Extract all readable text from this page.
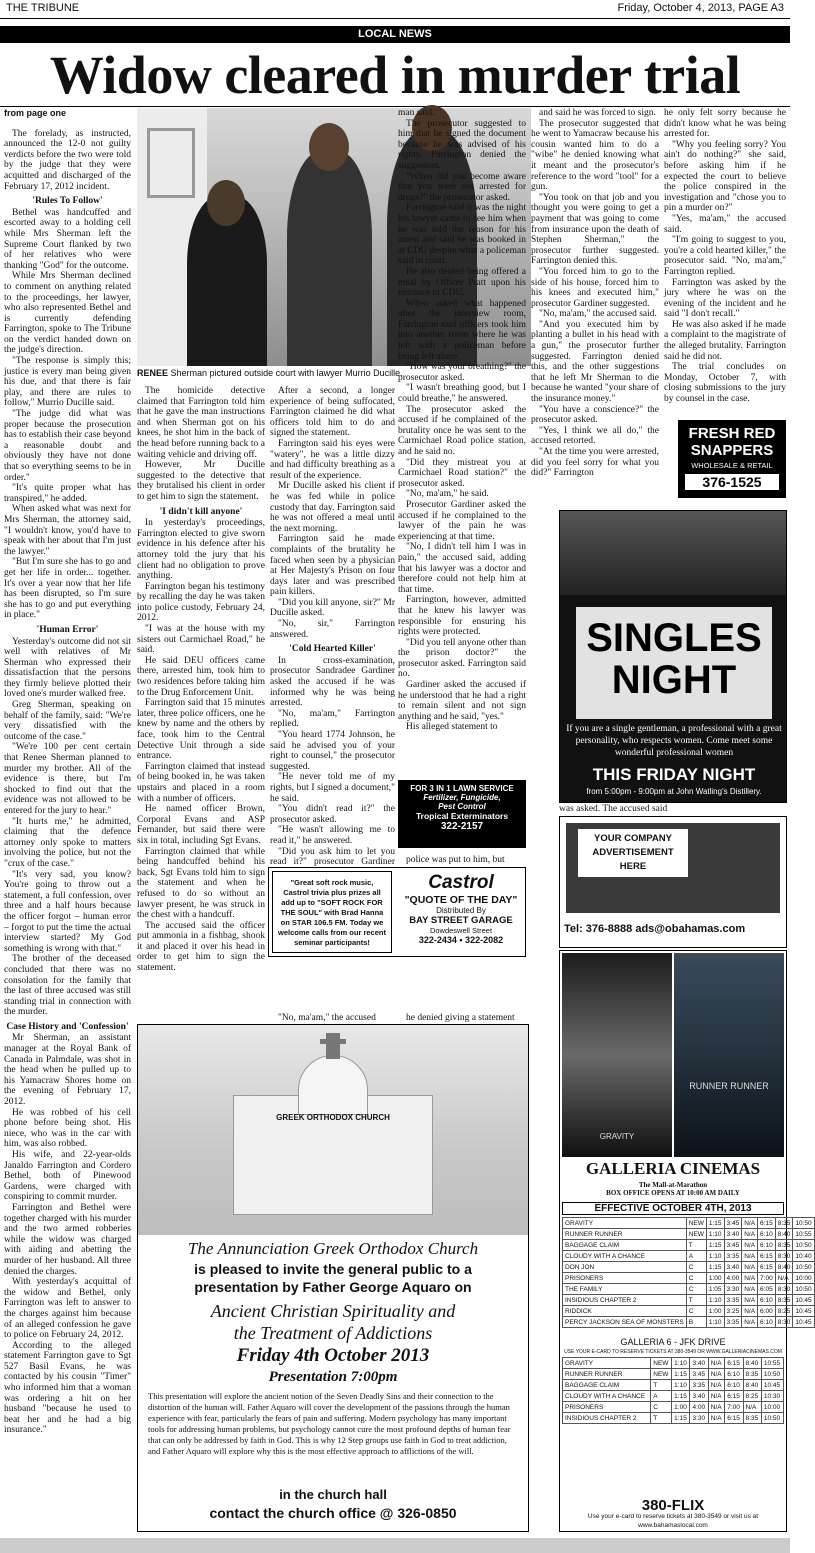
THE TRIBUNE	Friday, October 4, 2013, PAGE A3
LOCAL NEWS
Widow cleared in murder trial
from page one

The foreladу, as instructed, announced the 12-0 not guilty verdicts before the two were told by the judge that they were acquitted and discharged of the February 17, 2012 incident.

'Rules To Follow'

Bethel was handcuffed and escorted away to a holding cell while Mrs Sherman left the Supreme Court flanked by two of her relatives who were thanking "God" for the outcome.

While Mrs Sherman declined to comment on anything related to the proceedings, her lawyer, who also represented Bethel and is currently defending Farrington, spoke to The Tribune on the verdict handed down on the judge's direction.

"The response is simply this; justice is every man being given his due, and that there is fair play, and there are rules to follow," Murrio Ducille said.

"The judge did what was proper because the prosecution has to establish their case beyond a reasonable doubt and obviously they have not done that so everything seems to be in order."

"It's quite proper what has transpired," he added.

When asked what was next for Mrs Sherman, the attorney said, "I wouldn't know, you'd have to speak with her about that I'm just the lawyer."

"But I'm sure she has to go and get her life in order... together. It's over a year now that her life has been disrupted, so I'm sure she has to go and put everything in place."

'Human Error'

Yesterday's outcome did not sit well with relatives of Mr Sherman who expressed their dissatisfaction that the persons they firmly believe plotted their loved one's murder walked free.

Greg Sherman, speaking on behalf of the family, said: "We're very dissatisfied with the outcome of the case."

"We're 100 per cent certain that Renee Sherman planned to murder my brother. All of the evidence is there, but I'm shocked to find out that the evidence was not allowed to be entered for the jury to hear."

"It hurts me," he admitted, claiming that the defence attorney only spoke to matters involving the police, but not the "crux of the case."

"It's very sad, you know? You're going to throw out a statement, a full confession, over three and a half hours because the officer forgot – human error – forgot to put the time the actual interview started? My God something is wrong with that."

The brother of the deceased concluded that there was no consolation for the family that the last of three accused was still standing trial in connection with the murder.

Case History and 'Confession'

Mr Sherman, an assistant manager at the Royal Bank of Canada in Palmdale, was shot in the head when he pulled up to his Yamacraw Shores home on the evening of February 17, 2012.

He was robbed of his cell phone before being shot. His niece, who was in the car with him, was also robbed.

His wife, and 22-year-olds Janaldo Farrington and Cordero Bethel, both of Pinewood Gardens, were charged with conspiring to commit murder.

Farrington and Bethel were together charged with his murder and the two armed robberies while the widow was charged with aiding and abetting the murder of her husband. All three denied the charges.

With yesterday's acquittal of the widow and Bethel, only Farrington was left to answer to the charges against him because of an alleged confession he gave to police on February 24, 2012.

According to the alleged statement Farrington gave to Sgt 527 Basil Evans, he was contacted by his cousin "Timer" who informed him that a woman was ordering a hit on her husband "because he used to beat her and he had a big insurance."

RENEE Sherman pictured outside court with lawyer Murrio Ducille.

The homicide detective claimed that Farrington told him that he gave the man instructions and when Sherman got on his knees, he shot him in the back of the head before running back to a waiting vehicle and driving off.

However, Mr Ducille suggested to the detective that they brutalised his client in order to get him to sign the statement.

'I didn't kill anyone'

In yesterday's proceedings, Farrington elected to give sworn evidence in his defence after his attorney told the jury that his client had no obligation to prove anything.

Farrington began his testimony by recalling the day he was taken into police custody, February 24, 2012.

"I was at the house with my sisters out Carmichael Road," he said.

He said DEU officers came there, arrested him, took him to two residences before taking him to the Drug Enforcement Unit.

Farrington said that 15 minutes later, three police officers, one he knew by name and the others by face, took him to the Central Detective Unit through a side entrance.

Farrington claimed that instead of being booked in, he was taken upstairs and placed in a room with a number of officers.

He named officer Brown, Corporal Evans and ASP Fernander, but said there were six in total, including Sgt Evans.

Farrington claimed that while being handcuffed behind his back, Sgt Evans told him to sign the statement and when he refused to do so without an lawyer present, he was struck in the chest with a handcuff.

The accused said the officer put ammonia in a fishbag, shook it and placed it over his head in order to get him to sign the statement.

After a second, a longer experience of being suffocated, Farrington claimed he did what officers told him to do and signed the statement.

Farrington said his eyes were "watery", he was a little dizzy and had difficulty breathing as a result of the experience.

Mr Ducille asked his client if he was fed while in police custody that day. Farrington said he was not offered a meal until the next morning.

Farrington said he made complaints of the brutality he faced when seen by a physician at Her Majesty's Prison on four days later and was prescribed pain killers.

"Did you kill anyone, sir?" Mr Ducille asked.

"No, sir," Farrington answered.

'Cold Hearted Killer'

In cross-examination, prosecutor Sandradee Gardiner asked the accused if he was informed why he was being arrested.

"No, ma'am," Farrington replied.

"You heard 1774 Johnson, he said he advised you of your right to counsel," the prosecutor suggested.

"He never told me of my rights, but I signed a document," he said.

"You didn't read it?" the prosecutor asked.

"He wasn't allowing me to read it," he answered.

"Did you ask him to let you read it?" prosecutor Gardiner

"No, ma'am," the accused

man said.

The prosecutor suggested to him that he signed the document because he was advised of his rights. Farrington denied the suggestion.

"When did you become aware that you were not arrested for drugs?" the prosecutor asked.

Farrington said it was the night his lawyer came to see him when he was told the reason for his arrest and said he was booked in at CDU despite what a policeman said in court.

He also denied being offered a meal by Officer Pratt upon his entrance to CDU.

When asked what happened after the interview room, Farrington said officers took him into another room where he was left with a policeman before being left alone.

"How was your breathing?" the prosecutor asked.

"I wasn't breathing good, but I could breathe," he answered.

The prosecutor asked the accused if he complained of the brutality once he was sent to the Carmichael Road police station, and he said no.

"Did they mistreat you at Carmichael Road station?" the prosecutor asked.

"No, ma'am," he said.

Prosecutor Gardiner asked the accused if he complained to the lawyer of the pain he was experiencing at that time.

"No, I didn't tell him I was in pain," the accused said, adding that his lawyer was a doctor and therefore could not help him at that time.

Farrington, however, admitted that he knew his lawyer was responsible for ensuring his rights were protected.

"Did you tell anyone other than the prison doctor?" the prosecutor asked. Farrington said no.

Gardiner asked the accused if he understood that he had a right to remain silent and not sign anything and he said, "yes."

His alleged statement to

police was put to him, but

he denied giving a statement

and said he was forced to sign.

The prosecutor suggested that he went to Yamacraw because his cousin wanted him to do a "wibe" he denied knowing what it meant and the prosecutor's reference to the word "tool" for a gun.

"You took on that job and you thought you were going to get a payment that was going to come from insurance upon the death of Stephen Sherman," the prosecutor further suggested. Farrington denied this.

"You forced him to go to the side of his house, forced him to his knees and executed him," prosecutor Gardiner suggested.

"No, ma'am," the accused said.

"And you executed him by planting a bullet in his head with a gun," the prosecutor further suggested. Farrington denied this, and the other suggestions that he left Mr Sherman to die because he wanted "your share of the insurance money."

"You have a conscience?" the prosecutor asked.

"Yes, I think we all do," the accused retorted.

"At the time you were arrested, did you feel sorry for what you did?" Farrington

was asked. The accused said

he only felt sorry because he didn't know what he was being arrested for.

"Why you feeling sorry? You ain't do nothing?" she said, before asking him if he expected the court to believe the police conspired in the investigation and "chose you to pin a murder on?"

"Yes, ma'am," the accused said.

"I'm going to suggest to you, you're a cold hearted killer," the prosecutor said. "No, ma'am," Farrington replied.

Farrington was asked by the jury where he was on the evening of the incident and he said "I don't recall."

He was also asked if he made a complaint to the magistrate of the alleged brutality. Farrington said he did not.

The trial concludes on Monday, October 7, with closing submissions to the jury by counsel in the case.

FRESH RED
SNAPPERS
WHOLESALE & RETAIL
376-1525
SINGLES
NIGHT
If you are a single gentleman, a professional with a great personality, who respects women. Come meet some wonderful professional women
THIS FRIDAY NIGHT
from 5:00pm - 9:00pm at John Watling's Distillery.
YOUR COMPANY
ADVERTISEMENT
HERE
Tel: 376-8888 ads@obahamas.com
GRAVITY
RUNNER RUNNER
GALLERIA CINEMAS
The Mall-at-Marathon
BOX OFFICE OPENS AT 10:00 AM DAILY
EFFECTIVE OCTOBER 4TH, 2013
GRAVITY	NEW	1:15	3:45	N/A	6:15	8:35	10:50
RUNNER RUNNER	NEW	1:10	3:40	N/A	6:10	8:40	10:55
BAGGAGE CLAIM	T	1:15	3:45	N/A	6:10	8:35	10:50
CLOUDY WITH A CHANCE	A	1:10	3:35	N/A	6:15	8:30	10:40
DON JON	C	1:15	3:40	N/A	6:15	8:40	10:50
PRISONERS	C	1:00	4:00	N/A	7:00	N/A	10:00
THE FAMILY	C	1:05	3:30	N/A	6:05	8:30	10:50
INSIDIOUS CHAPTER 2	T	1:10	3:35	N/A	6:10	8:35	10:45
RIDDICK	C	1:00	3:25	N/A	6:00	8:25	10:45
PERCY JACKSON SEA OF MONSTERS	B	1:10	3:35	N/A	6:10	8:30	10:45
GALLERIA 6 - JFK DRIVE
USE YOUR E-CARD TO RESERVE TICKETS AT 380-3549 OR WWW.GALLERIACINEMAS.COM
GRAVITY	NEW	1:10	3:40	N/A	6:15	8:40	10:55
RUNNER RUNNER	NEW	1:15	3:45	N/A	6:10	8:35	10:50
BAGGAGE CLAIM	T	1:10	3:35	N/A	6:10	8:40	10:45
CLOUDY WITH A CHANCE	A	1:15	3:40	N/A	6:15	8:25	10:30
PRISONERS	C	1:00	4:00	N/A	7:00	N/A	10:00
INSIDIOUS CHAPTER 2	T	1:15	3:30	N/A	6:15	8:35	10:50
380-FLIX
Use your e-card to reserve tickets at 380-3549 or visit us at
www.bahamaslocal.com
FOR 3 IN 1 LAWN SERVICE
Fertilizer, Fungicide,
Pest Control
Tropical Exterminators
322-2157
"Great soft rock music, Castrol trivia plus prizes all add up to "SOFT ROCK FOR THE SOUL" with Brad Hanna on STAR 106.5 FM. Today we welcome calls from our recent seminar participants!
Castrol
"QUOTE OF THE DAY"
Distributed By
BAY STREET GARAGE
Dowdeswell Street
322-2434 • 322-2082
GREEK ORTHODOX CHURCH
The Annunciation Greek Orthodox Church
is pleased to invite the general public to a
presentation by Father George Aquaro on
Ancient Christian Spirituality and
the Treatment of Addictions
Friday 4th October 2013
Presentation 7:00pm
This presentation will explore the ancient notion of the Seven Deadly Sins and their connection to the distortion of the human will. Father Aquaro will cover the development of the passions through the human experience with fear, particularly the fears of pain and suffering. Modern psychology has many important tools for addressing human problems, but psychology cannot cure the most profound depths of human fear that can only be addressed by faith in God. This is why 12 Step groups use faith in God to treat addiction, and Father Aquaro will explore why this is the most effective approach to afflictions of the will.
in the church hall
contact the church office @ 326-0850
